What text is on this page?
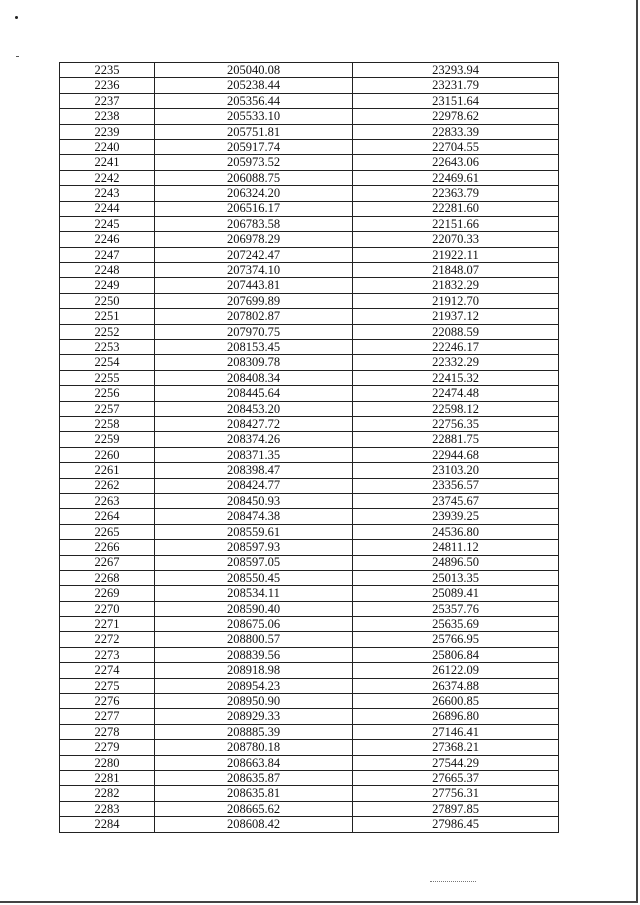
2235	205040.08	23293.94
2236	205238.44	23231.79
2237	205356.44	23151.64
2238	205533.10	22978.62
2239	205751.81	22833.39
2240	205917.74	22704.55
2241	205973.52	22643.06
2242	206088.75	22469.61
2243	206324.20	22363.79
2244	206516.17	22281.60
2245	206783.58	22151.66
2246	206978.29	22070.33
2247	207242.47	21922.11
2248	207374.10	21848.07
2249	207443.81	21832.29
2250	207699.89	21912.70
2251	207802.87	21937.12
2252	207970.75	22088.59
2253	208153.45	22246.17
2254	208309.78	22332.29
2255	208408.34	22415.32
2256	208445.64	22474.48
2257	208453.20	22598.12
2258	208427.72	22756.35
2259	208374.26	22881.75
2260	208371.35	22944.68
2261	208398.47	23103.20
2262	208424.77	23356.57
2263	208450.93	23745.67
2264	208474.38	23939.25
2265	208559.61	24536.80
2266	208597.93	24811.12
2267	208597.05	24896.50
2268	208550.45	25013.35
2269	208534.11	25089.41
2270	208590.40	25357.76
2271	208675.06	25635.69
2272	208800.57	25766.95
2273	208839.56	25806.84
2274	208918.98	26122.09
2275	208954.23	26374.88
2276	208950.90	26600.85
2277	208929.33	26896.80
2278	208885.39	27146.41
2279	208780.18	27368.21
2280	208663.84	27544.29
2281	208635.87	27665.37
2282	208635.81	27756.31
2283	208665.62	27897.85
2284	208608.42	27986.45
